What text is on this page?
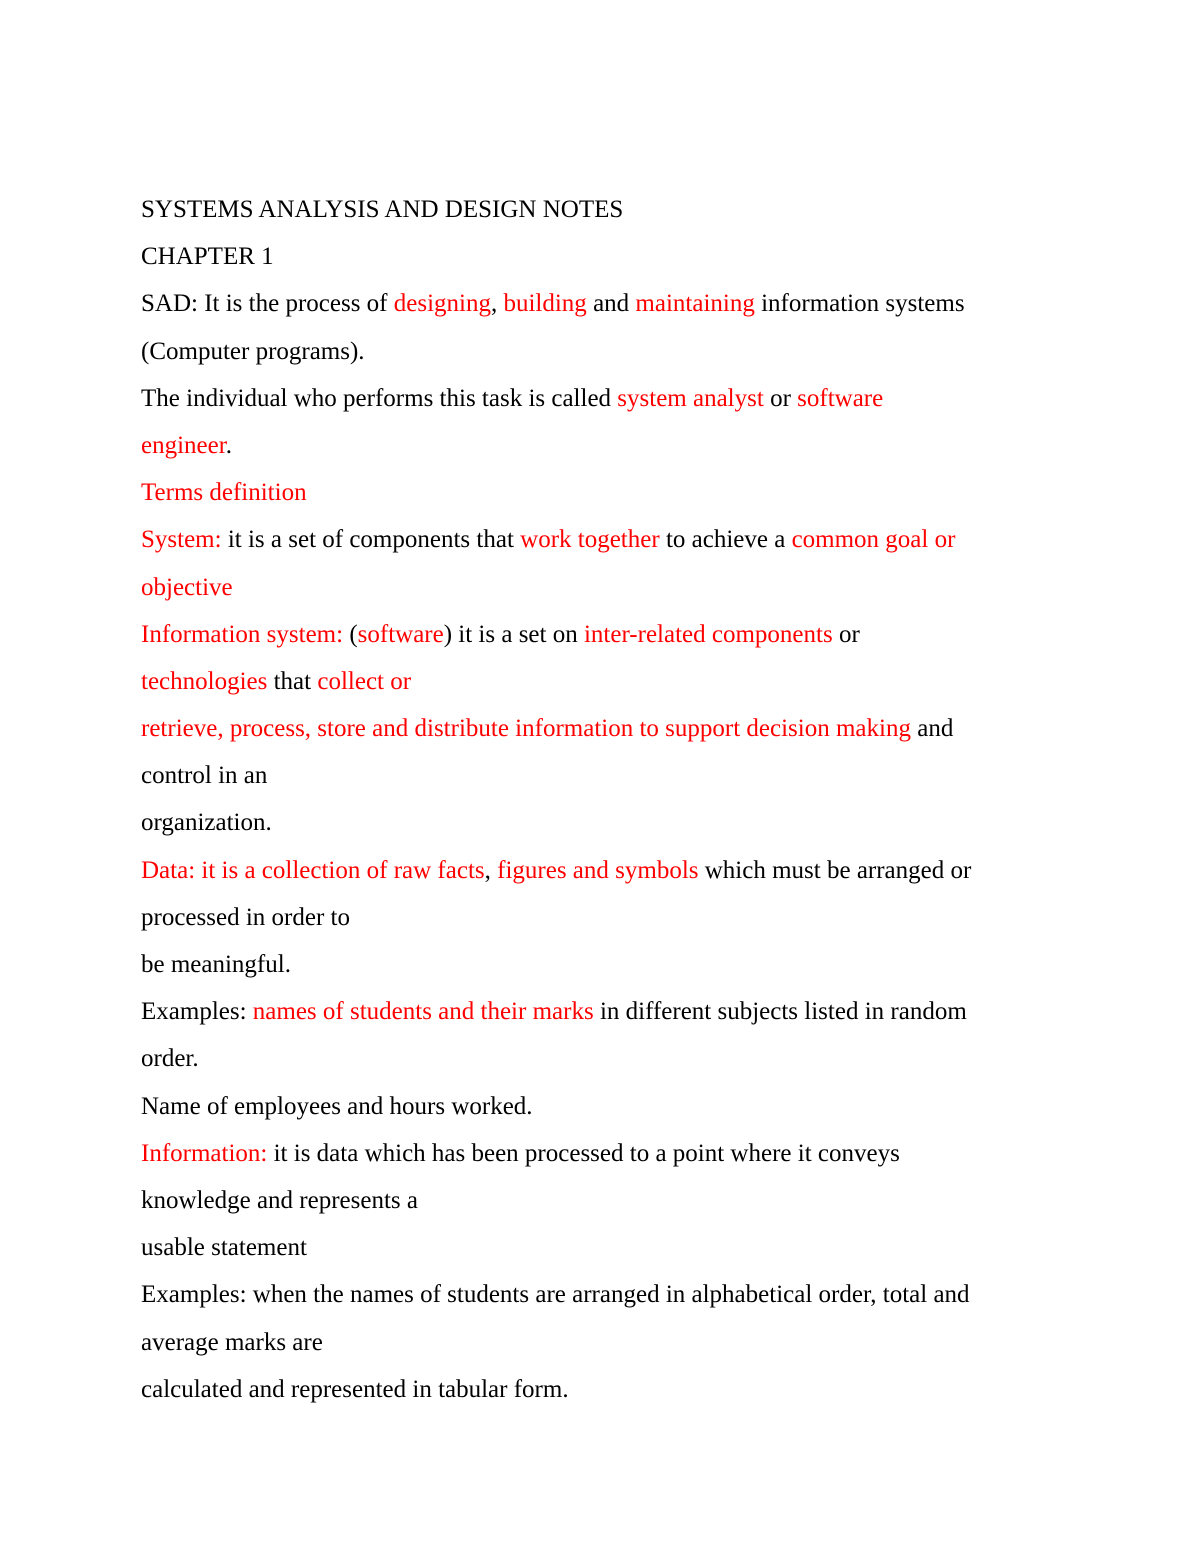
SYSTEMS ANALYSIS AND DESIGN NOTES
CHAPTER 1
SAD: It is the process of designing, building and maintaining information systems
(Computer programs).
The individual who performs this task is called system analyst or software
engineer.
Terms definition
System: it is a set of components that work together to achieve a common goal or
objective
Information system: (software) it is a set on inter-related components or
technologies that collect or
retrieve, process, store and distribute information to support decision making and
control in an
organization.
Data: it is a collection of raw facts, figures and symbols which must be arranged or
processed in order to
be meaningful.
Examples: names of students and their marks in different subjects listed in random
order.
Name of employees and hours worked.
Information: it is data which has been processed to a point where it conveys
knowledge and represents a
usable statement
Examples: when the names of students are arranged in alphabetical order, total and
average marks are
calculated and represented in tabular form.
